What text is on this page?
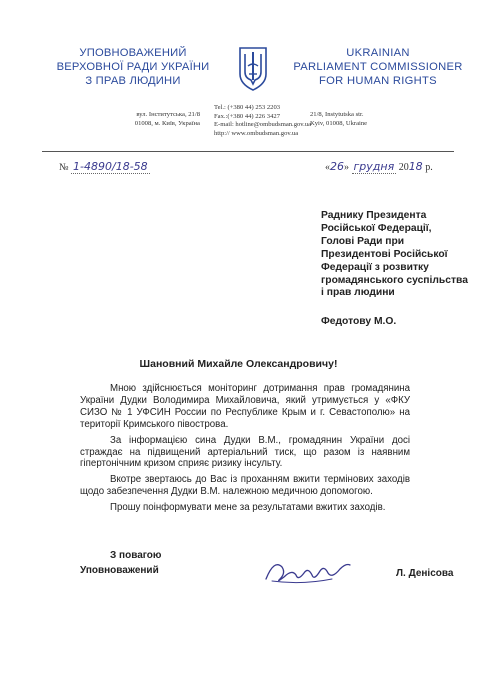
УПОВНОВАЖЕНИЙ
ВЕРХОВНОЇ РАДИ УКРАЇНИ
З ПРАВ ЛЮДИНИ
UKRAINIAN
PARLIAMENT COMMISSIONER
FOR HUMAN RIGHTS
вул. Інститутська, 21/8
01008, м. Київ, Україна
Tel.: (+380 44) 253 2203
Fax.:(+380 44) 226 3427
E-mail: hotline@ombudsman.gov.ua
http:// www.ombudsman.gov.ua
21/8, Instytutska str.
Kyiv, 01008, Ukraine
№ 1-4890/18-58	«26» грудня 2018 р.
Раднику Президента
Російської Федерації,
Голові Ради при
Президентові Російської
Федерації з розвитку
громадянського суспільства
і прав людини
Федотову М.О.
Шановний Михайле Олександровичу!

Мною здійснюється моніторинг дотримання прав громадянина України Дудки Володимира Михайловича, який утримується у «ФКУ СИЗО № 1 УФСИН России по Республике Крым и г. Севастополю» на території Кримського півострова.

За інформацією сина Дудки В.М., громадянин України досі страждає на підвищений артеріальний тиск, що разом із наявним гіпертонічним кризом сприяє ризику інсульту.

Вкотре звертаюсь до Вас із проханням вжити термінових заходів щодо забезпечення Дудки В.М. належною медичною допомогою.

Прошу поінформувати мене за результатами вжитих заходів.

З повагою
Уповноважений	Л. Денісова
